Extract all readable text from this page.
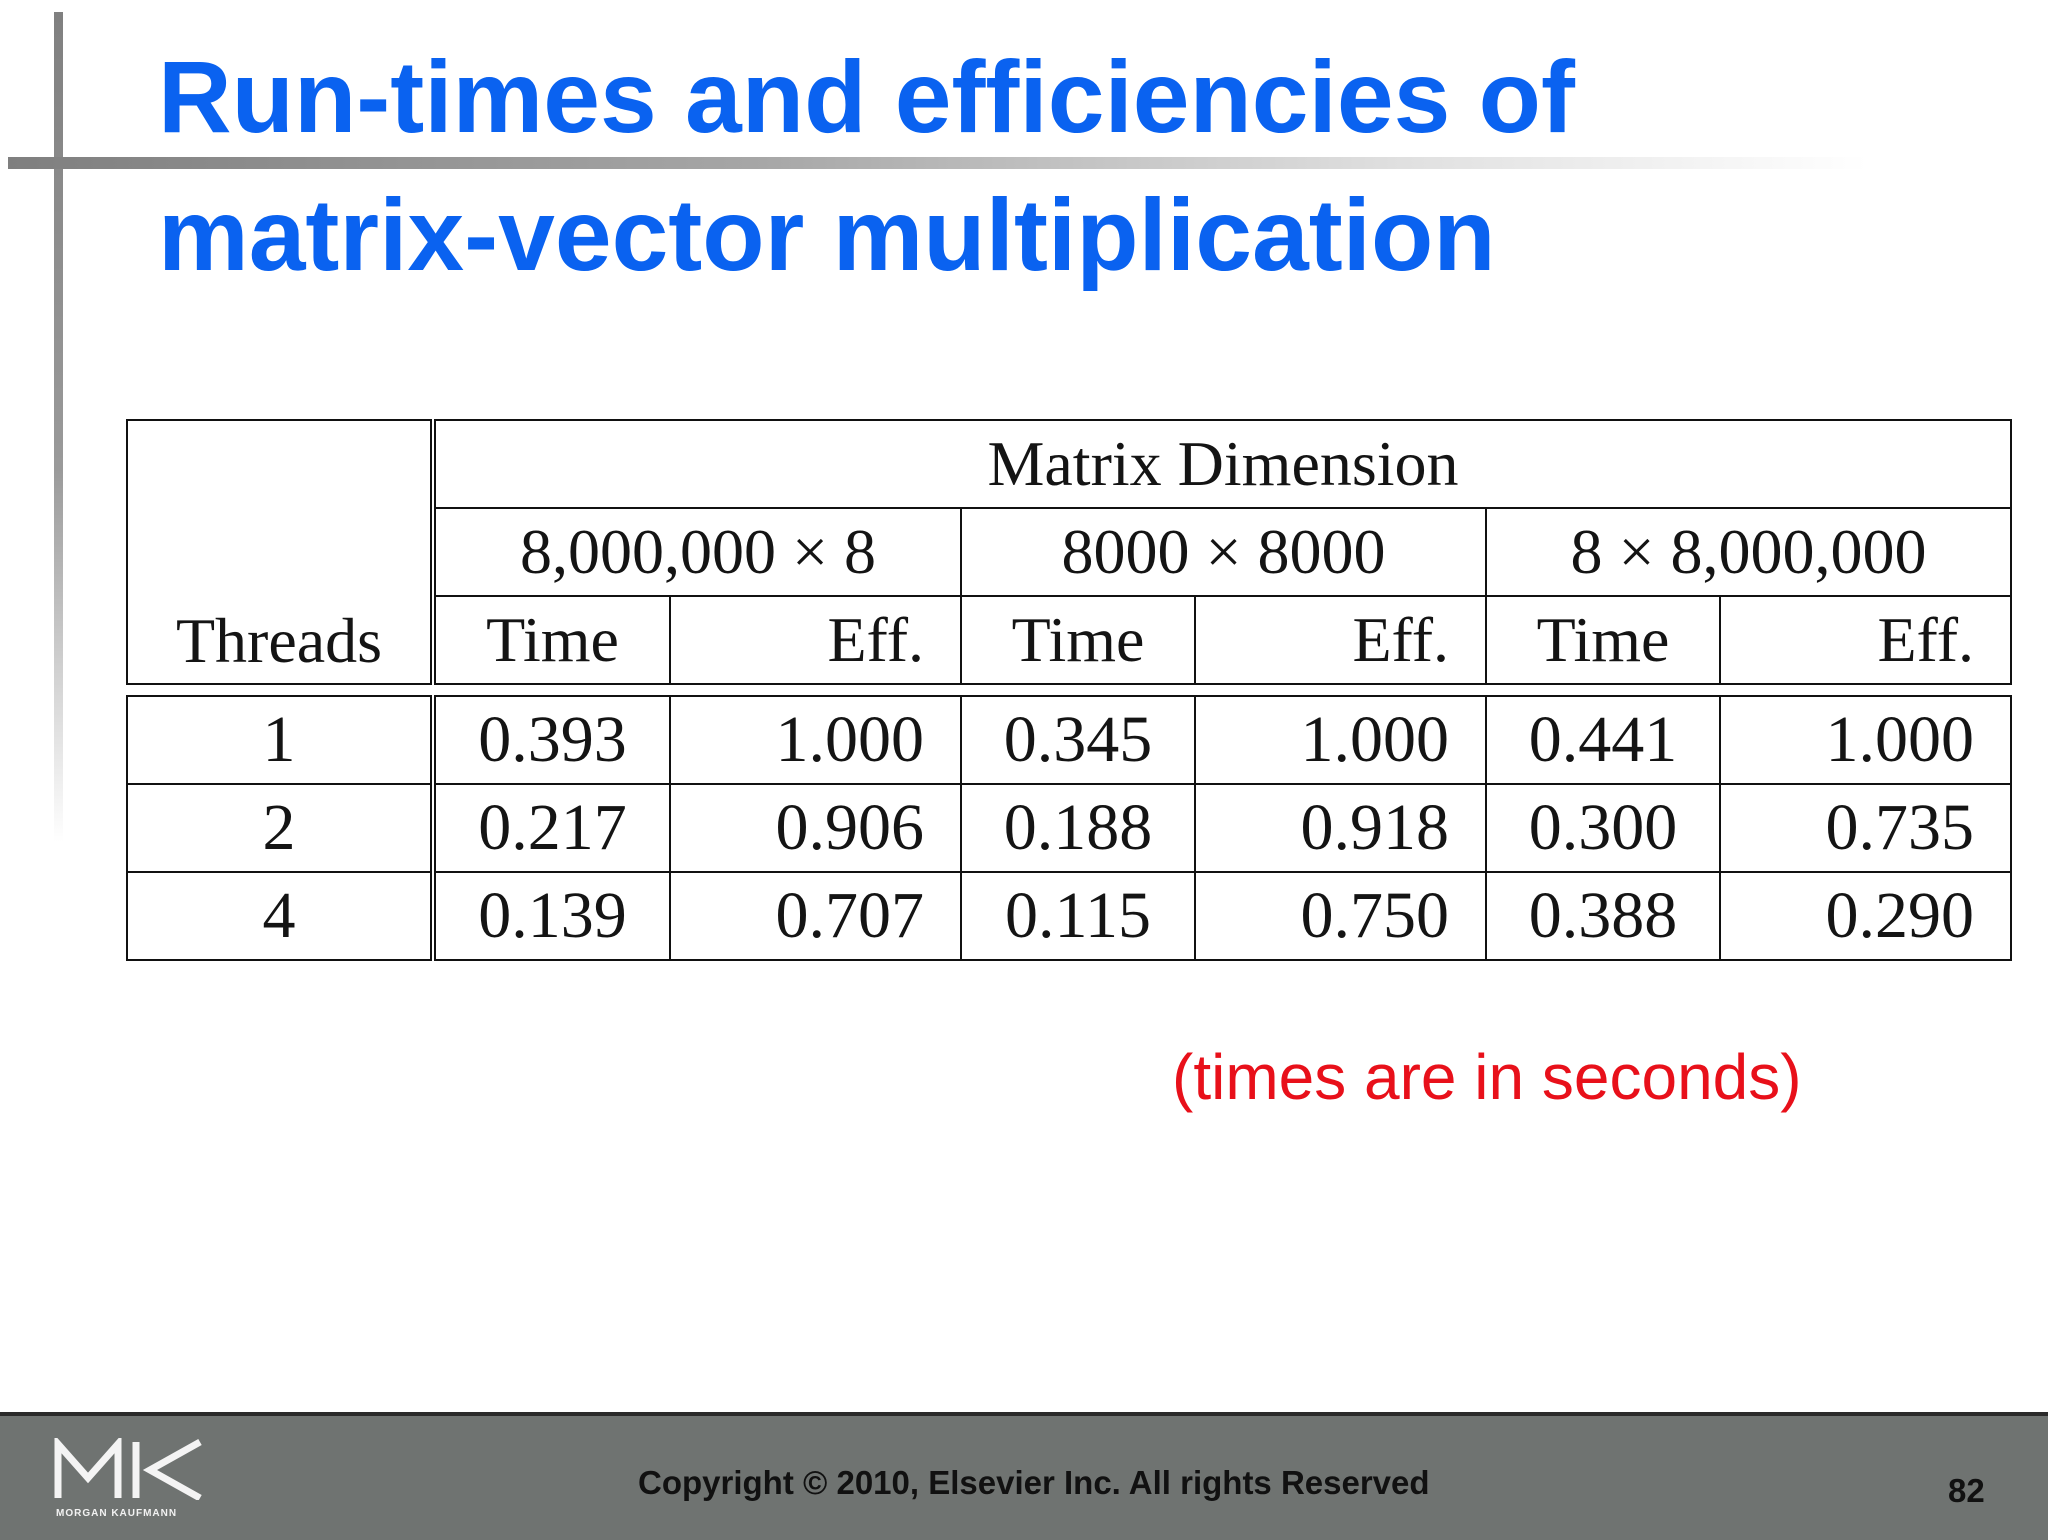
Run-times and efficiencies of
matrix-vector multiplication
Threads	Matrix Dimension					
	8,000,000 × 8		8000 × 8000		8 × 8,000,000	
	Time	Eff.	Time	Eff.	Time	Eff.
1	0.393	1.000	0.345	1.000	0.441	1.000
2	0.217	0.906	0.188	0.918	0.300	0.735
4	0.139	0.707	0.115	0.750	0.388	0.290

(times are in seconds)

MORGAN KAUFMANN
Copyright © 2010, Elsevier Inc. All rights Reserved	82
